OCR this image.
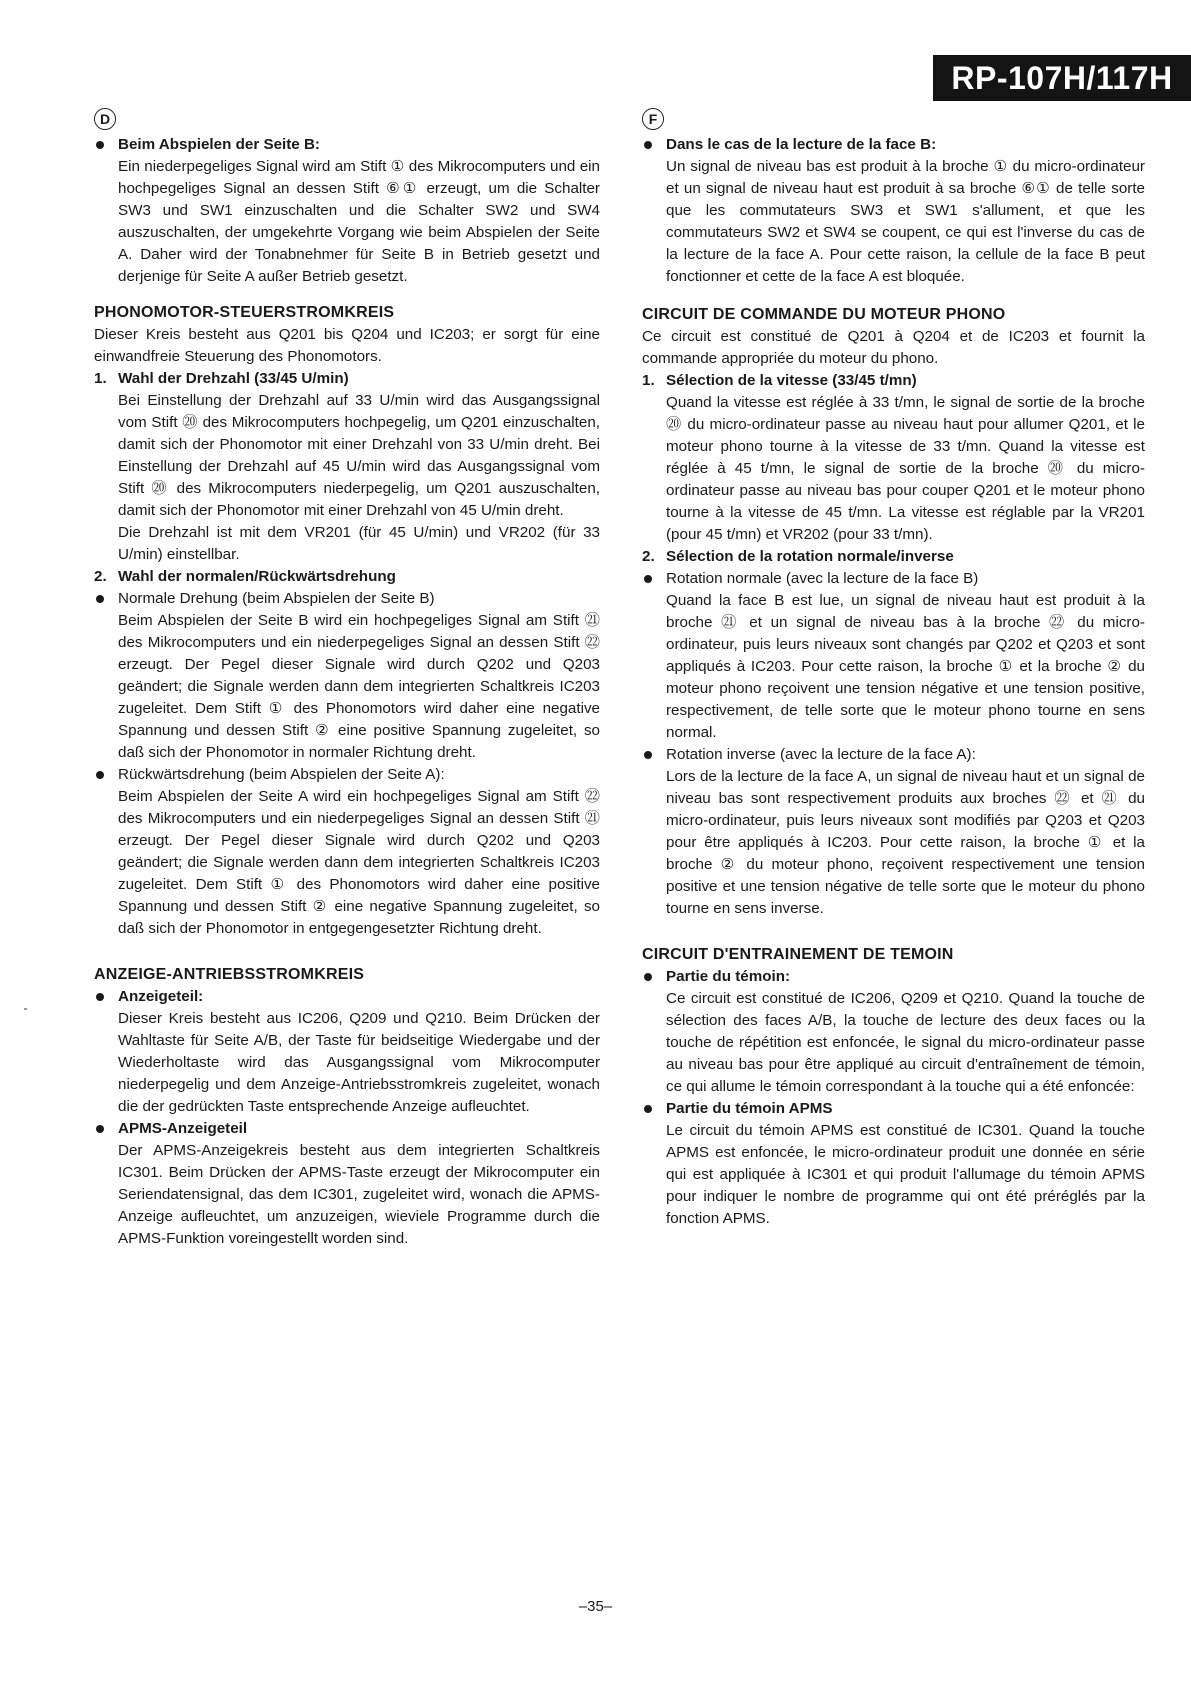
RP-107H/117H
D
Beim Abspielen der Seite B:
Ein niederpegeliges Signal wird am Stift ① des Mikrocomputers und ein hochpegeliges Signal an dessen Stift ⑥① erzeugt, um die Schalter SW3 und SW1 einzuschalten und die Schalter SW2 und SW4 auszuschalten, der umgekehrte Vorgang wie beim Abspielen der Seite A. Daher wird der Tonabnehmer für Seite B in Betrieb gesetzt und derjenige für Seite A außer Betrieb gesetzt.
PHONOMOTOR-STEUERSTROMKREIS
Dieser Kreis besteht aus Q201 bis Q204 und IC203; er sorgt für eine einwandfreie Steuerung des Phonomotors.
1. Wahl der Drehzahl (33/45 U/min)
Bei Einstellung der Drehzahl auf 33 U/min wird das Ausgangssignal vom Stift ⑳ des Mikrocomputers hochpegelig, um Q201 einzuschalten, damit sich der Phonomotor mit einer Drehzahl von 33 U/min dreht. Bei Einstellung der Drehzahl auf 45 U/min wird das Ausgangssignal vom Stift ⑳ des Mikrocomputers niederpegelig, um Q201 auszuschalten, damit sich der Phonomotor mit einer Drehzahl von 45 U/min dreht.
Die Drehzahl ist mit dem VR201 (für 45 U/min) und VR202 (für 33 U/min) einstellbar.
2. Wahl der normalen/Rückwärtsdrehung
Normale Drehung (beim Abspielen der Seite B)
Beim Abspielen der Seite B wird ein hochpegeliges Signal am Stift ㉑ des Mikrocomputers und ein niederpegeliges Signal an dessen Stift ㉒ erzeugt. Der Pegel dieser Signale wird durch Q202 und Q203 geändert; die Signale werden dann dem integrierten Schaltkreis IC203 zugeleitet. Dem Stift ① des Phonomotors wird daher eine negative Spannung und dessen Stift ② eine positive Spannung zugeleitet, so daß sich der Phonomotor in normaler Richtung dreht.
Rückwärtsdrehung (beim Abspielen der Seite A):
Beim Abspielen der Seite A wird ein hochpegeliges Signal am Stift ㉒ des Mikrocomputers und ein niederpegeliges Signal an dessen Stift ㉑ erzeugt. Der Pegel dieser Signale wird durch Q202 und Q203 geändert; die Signale werden dann dem integrierten Schaltkreis IC203 zugeleitet. Dem Stift ① des Phonomotors wird daher eine positive Spannung und dessen Stift ② eine negative Spannung zugeleitet, so daß sich der Phonomotor in entgegengesetzter Richtung dreht.
ANZEIGE-ANTRIEBSSTROMKREIS
Anzeigeteil:
Dieser Kreis besteht aus IC206, Q209 und Q210. Beim Drücken der Wahltaste für Seite A/B, der Taste für beidseitige Wiedergabe und der Wiederholtaste wird das Ausgangssignal vom Mikrocomputer niederpegelig und dem Anzeige-Antriebsstromkreis zugeleitet, wonach die der gedrückten Taste entsprechende Anzeige aufleuchtet.
APMS-Anzeigeteil
Der APMS-Anzeigekreis besteht aus dem integrierten Schaltkreis IC301. Beim Drücken der APMS-Taste erzeugt der Mikrocomputer ein Seriendatensignal, das dem IC301, zugeleitet wird, wonach die APMS-Anzeige aufleuchtet, um anzuzeigen, wieviele Programme durch die APMS-Funktion voreingestellt worden sind.
F
Dans le cas de la lecture de la face B:
Un signal de niveau bas est produit à la broche ① du micro-ordinateur et un signal de niveau haut est produit à sa broche ⑥① de telle sorte que les commutateurs SW3 et SW1 s'allument, et que les commutateurs SW2 et SW4 se coupent, ce qui est l'inverse du cas de la lecture de la face A. Pour cette raison, la cellule de la face B peut fonctionner et cette de la face A est bloquée.
CIRCUIT DE COMMANDE DU MOTEUR PHONO
Ce circuit est constitué de Q201 à Q204 et de IC203 et fournit la commande appropriée du moteur du phono.
1. Sélection de la vitesse (33/45 t/mn)
Quand la vitesse est réglée à 33 t/mn, le signal de sortie de la broche ⑳ du micro-ordinateur passe au niveau haut pour allumer Q201, et le moteur phono tourne à la vitesse de 33 t/mn. Quand la vitesse est réglée à 45 t/mn, le signal de sortie de la broche ⑳ du micro-ordinateur passe au niveau bas pour couper Q201 et le moteur phono tourne à la vitesse de 45 t/mn. La vitesse est réglable par la VR201 (pour 45 t/mn) et VR202 (pour 33 t/mn).
2. Sélection de la rotation normale/inverse
Rotation normale (avec la lecture de la face B)
Quand la face B est lue, un signal de niveau haut est produit à la broche ㉑ et un signal de niveau bas à la broche ㉒ du micro-ordinateur, puis leurs niveaux sont changés par Q202 et Q203 et sont appliqués à IC203. Pour cette raison, la broche ① et la broche ② du moteur phono reçoivent une tension négative et une tension positive, respectivement, de telle sorte que le moteur phono tourne en sens normal.
Rotation inverse (avec la lecture de la face A):
Lors de la lecture de la face A, un signal de niveau haut et un signal de niveau bas sont respectivement produits aux broches ㉒ et ㉑ du micro-ordinateur, puis leurs niveaux sont modifiés par Q203 et Q203 pour être appliqués à IC203. Pour cette raison, la broche ① et la broche ② du moteur phono, reçoivent respectivement une tension positive et une tension négative de telle sorte que le moteur du phono tourne en sens inverse.
CIRCUIT D'ENTRAINEMENT DE TEMOIN
Partie du témoin:
Ce circuit est constitué de IC206, Q209 et Q210. Quand la touche de sélection des faces A/B, la touche de lecture des deux faces ou la touche de répétition est enfoncée, le signal du micro-ordinateur passe au niveau bas pour être appliqué au circuit d'entraînement de témoin, ce qui allume le témoin correspondant à la touche qui a été enfoncée:
Partie du témoin APMS
Le circuit du témoin APMS est constitué de IC301. Quand la touche APMS est enfoncée, le micro-ordinateur produit une donnée en série qui est appliquée à IC301 et qui produit l'allumage du témoin APMS pour indiquer le nombre de programme qui ont été préréglés par la fonction APMS.
–35–
